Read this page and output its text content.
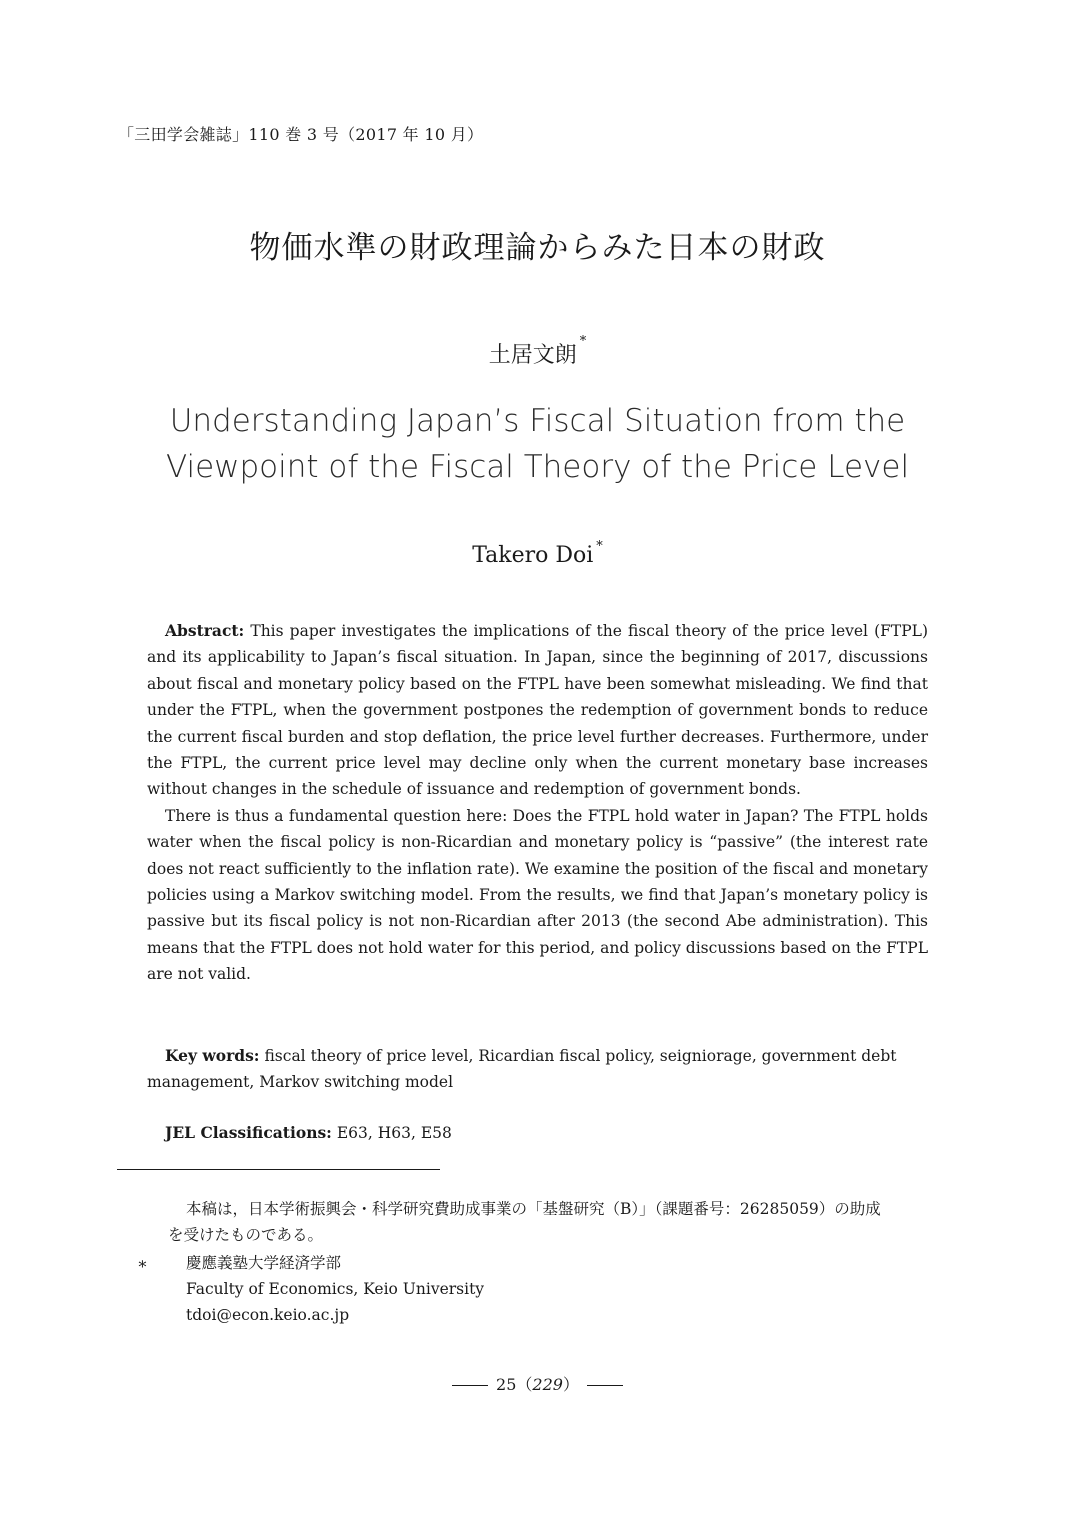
「三田学会雑誌」110 巻 3 号（2017 年 10 月）
物価水準の財政理論からみた日本の財政
土居文朗*
Understanding Japan’s Fiscal Situation from the
Viewpoint of the Fiscal Theory of the Price Level
Takero Doi *

Abstract: This paper investigates the implications of the fiscal theory of the price level (FTPL) and its applicability to Japan’s fiscal situation. In Japan, since the beginning of 2017, discussions about fiscal and monetary policy based on the FTPL have been somewhat misleading. We find that under the FTPL, when the government postpones the redemption of government bonds to reduce the current fiscal burden and stop deflation, the price level further decreases. Furthermore, under the FTPL, the current price level may decline only when the current monetary base increases without changes in the schedule of issuance and redemption of government bonds.

There is thus a fundamental question here: Does the FTPL hold water in Japan? The FTPL holds water when the fiscal policy is non-Ricardian and monetary policy is “passive” (the interest rate does not react sufficiently to the inflation rate). We examine the position of the fiscal and monetary policies using a Markov switching model. From the results, we find that Japan’s monetary policy is passive but its fiscal policy is not non-Ricardian after 2013 (the second Abe administration). This means that the FTPL does not hold water for this period, and policy discussions based on the FTPL are not valid.

Key words: fiscal theory of price level, Ricardian fiscal policy, seigniorage, government debt management, Markov switching model
JEL Classifications: E63, H63, E58
本稿は，日本学術振興会・科学研究費助成事業の「基盤研究（B）」（課題番号：26285059）の助成
を受けたものである。
∗ 慶應義塾大学経済学部
Faculty of Economics, Keio University
tdoi@econ.keio.ac.jp
25（229）
